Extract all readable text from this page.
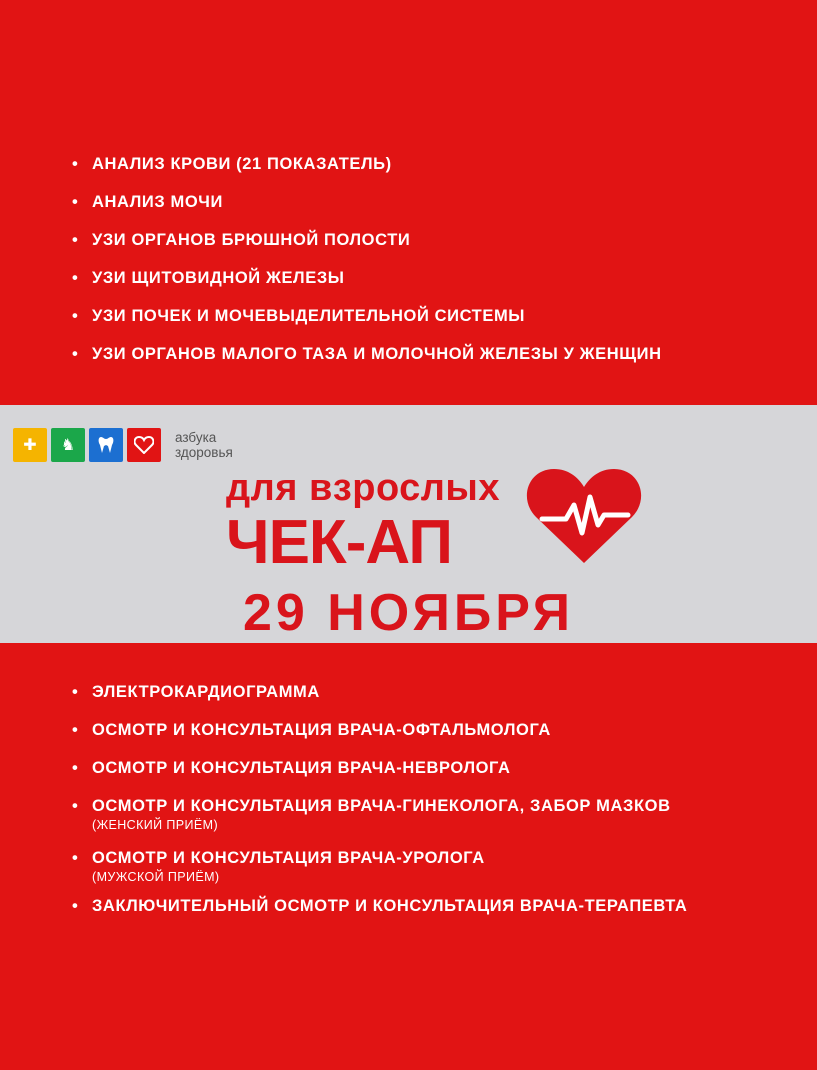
• АНАЛИЗ КРОВИ (21 ПОКАЗАТЕЛЬ)
• АНАЛИЗ МОЧИ
• УЗИ ОРГАНОВ БРЮШНОЙ ПОЛОСТИ
• УЗИ ЩИТОВИДНОЙ ЖЕЛЕЗЫ
• УЗИ ПОЧЕК И МОЧЕВЫДЕЛИТЕЛЬНОЙ СИСТЕМЫ
• УЗИ ОРГАНОВ МАЛОГО ТАЗА И МОЛОЧНОЙ ЖЕЛЕЗЫ У ЖЕНЩИН
✚	♞	азбука
здоровья
для взрослых
ЧЕК-АП
29 НОЯБРЯ
• ЭЛЕКТРОКАРДИОГРАММА
• ОСМОТР И КОНСУЛЬТАЦИЯ ВРАЧА-ОФТАЛЬМОЛОГА
• ОСМОТР И КОНСУЛЬТАЦИЯ ВРАЧА-НЕВРОЛОГА
• ОСМОТР И КОНСУЛЬТАЦИЯ ВРАЧА-ГИНЕКОЛОГА, ЗАБОР МАЗКОВ
(ЖЕНСКИЙ ПРИЁМ)
• ОСМОТР И КОНСУЛЬТАЦИЯ ВРАЧА-УРОЛОГА
(МУЖСКОЙ ПРИЁМ)
• ЗАКЛЮЧИТЕЛЬНЫЙ ОСМОТР И КОНСУЛЬТАЦИЯ ВРАЧА-ТЕРАПЕВТА
